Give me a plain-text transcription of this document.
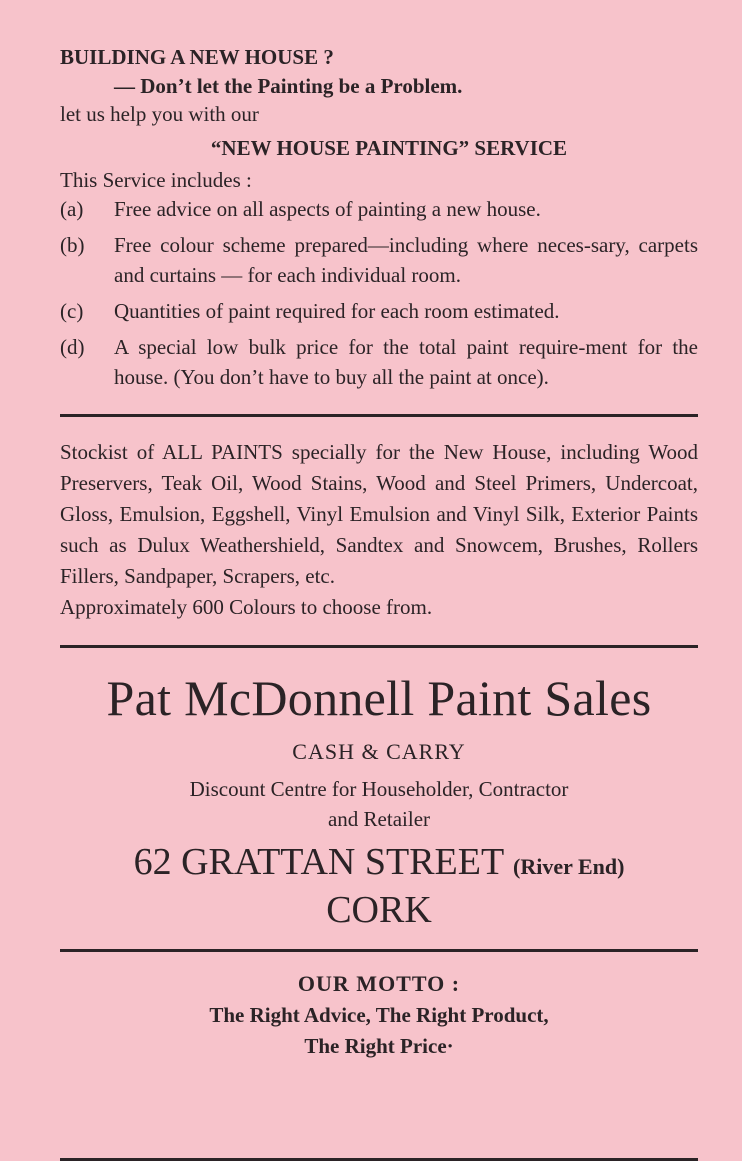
BUILDING A NEW HOUSE ?

— Don’t let the Painting be a Problem.

let us help you with our

“NEW HOUSE PAINTING” SERVICE

This Service includes :

(a)	Free advice on all aspects of painting a new house.
(b)	Free colour scheme prepared—including where neces-sary, carpets and curtains — for each individual room.
(c)	Quantities of paint required for each room estimated.
(d)	A special low bulk price for the total paint require-ment for the house. (You don’t have to buy all the paint at once).

Stockist of ALL PAINTS specially for the New House, including Wood Preservers, Teak Oil, Wood Stains, Wood and Steel Primers, Undercoat, Gloss, Emulsion, Eggshell, Vinyl Emulsion and Vinyl Silk, Exterior Paints such as Dulux Weathershield, Sandtex and Snowcem, Brushes, Rollers Fillers, Sandpaper, Scrapers, etc.

Approximately 600 Colours to choose from.

Pat McDonnell Paint Sales
CASH & CARRY
Discount Centre for Householder, Contractor
and Retailer
62 GRATTAN STREET (River End)
CORK
OUR MOTTO :
The Right Advice, The Right Product,
The Right Price·
